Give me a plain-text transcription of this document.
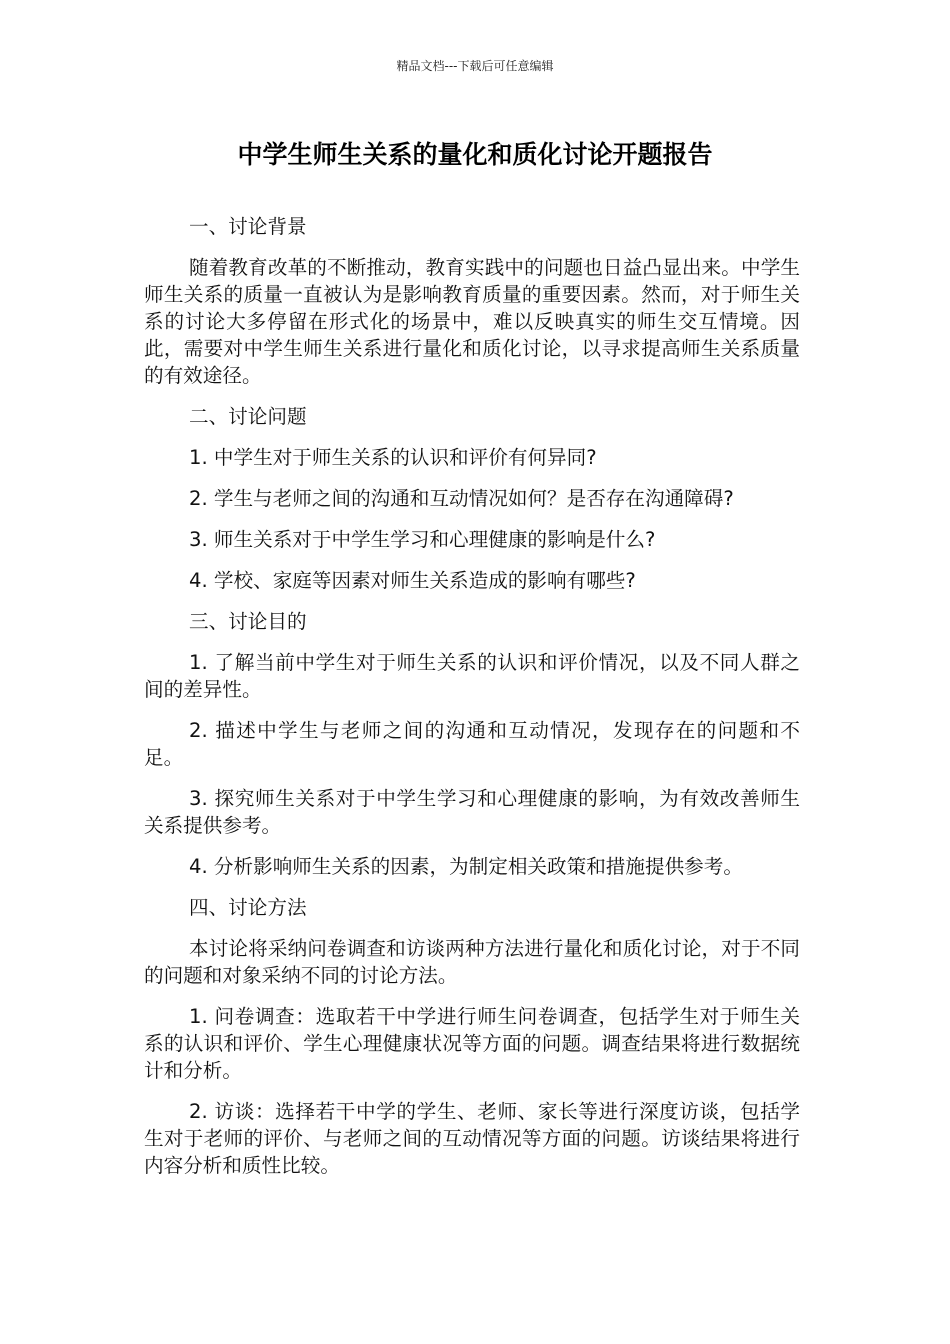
精品文档---下载后可任意编辑
中学生师生关系的量化和质化讨论开题报告

一、讨论背景

随着教育改革的不断推动，教育实践中的问题也日益凸显出来。中学生师生关系的质量一直被认为是影响教育质量的重要因素。然而，对于师生关系的讨论大多停留在形式化的场景中，难以反映真实的师生交互情境。因此，需要对中学生师生关系进行量化和质化讨论，以寻求提高师生关系质量的有效途径。

二、讨论问题

1. 中学生对于师生关系的认识和评价有何异同?

2. 学生与老师之间的沟通和互动情况如何？是否存在沟通障碍?

3. 师生关系对于中学生学习和心理健康的影响是什么?

4. 学校、家庭等因素对师生关系造成的影响有哪些?

三、讨论目的

1. 了解当前中学生对于师生关系的认识和评价情况，以及不同人群之间的差异性。

2. 描述中学生与老师之间的沟通和互动情况，发现存在的问题和不足。

3. 探究师生关系对于中学生学习和心理健康的影响，为有效改善师生关系提供参考。

4. 分析影响师生关系的因素，为制定相关政策和措施提供参考。

四、讨论方法

本讨论将采纳问卷调查和访谈两种方法进行量化和质化讨论，对于不同的问题和对象采纳不同的讨论方法。

1. 问卷调查：选取若干中学进行师生问卷调查，包括学生对于师生关系的认识和评价、学生心理健康状况等方面的问题。调查结果将进行数据统计和分析。

2. 访谈：选择若干中学的学生、老师、家长等进行深度访谈，包括学生对于老师的评价、与老师之间的互动情况等方面的问题。访谈结果将进行内容分析和质性比较。
